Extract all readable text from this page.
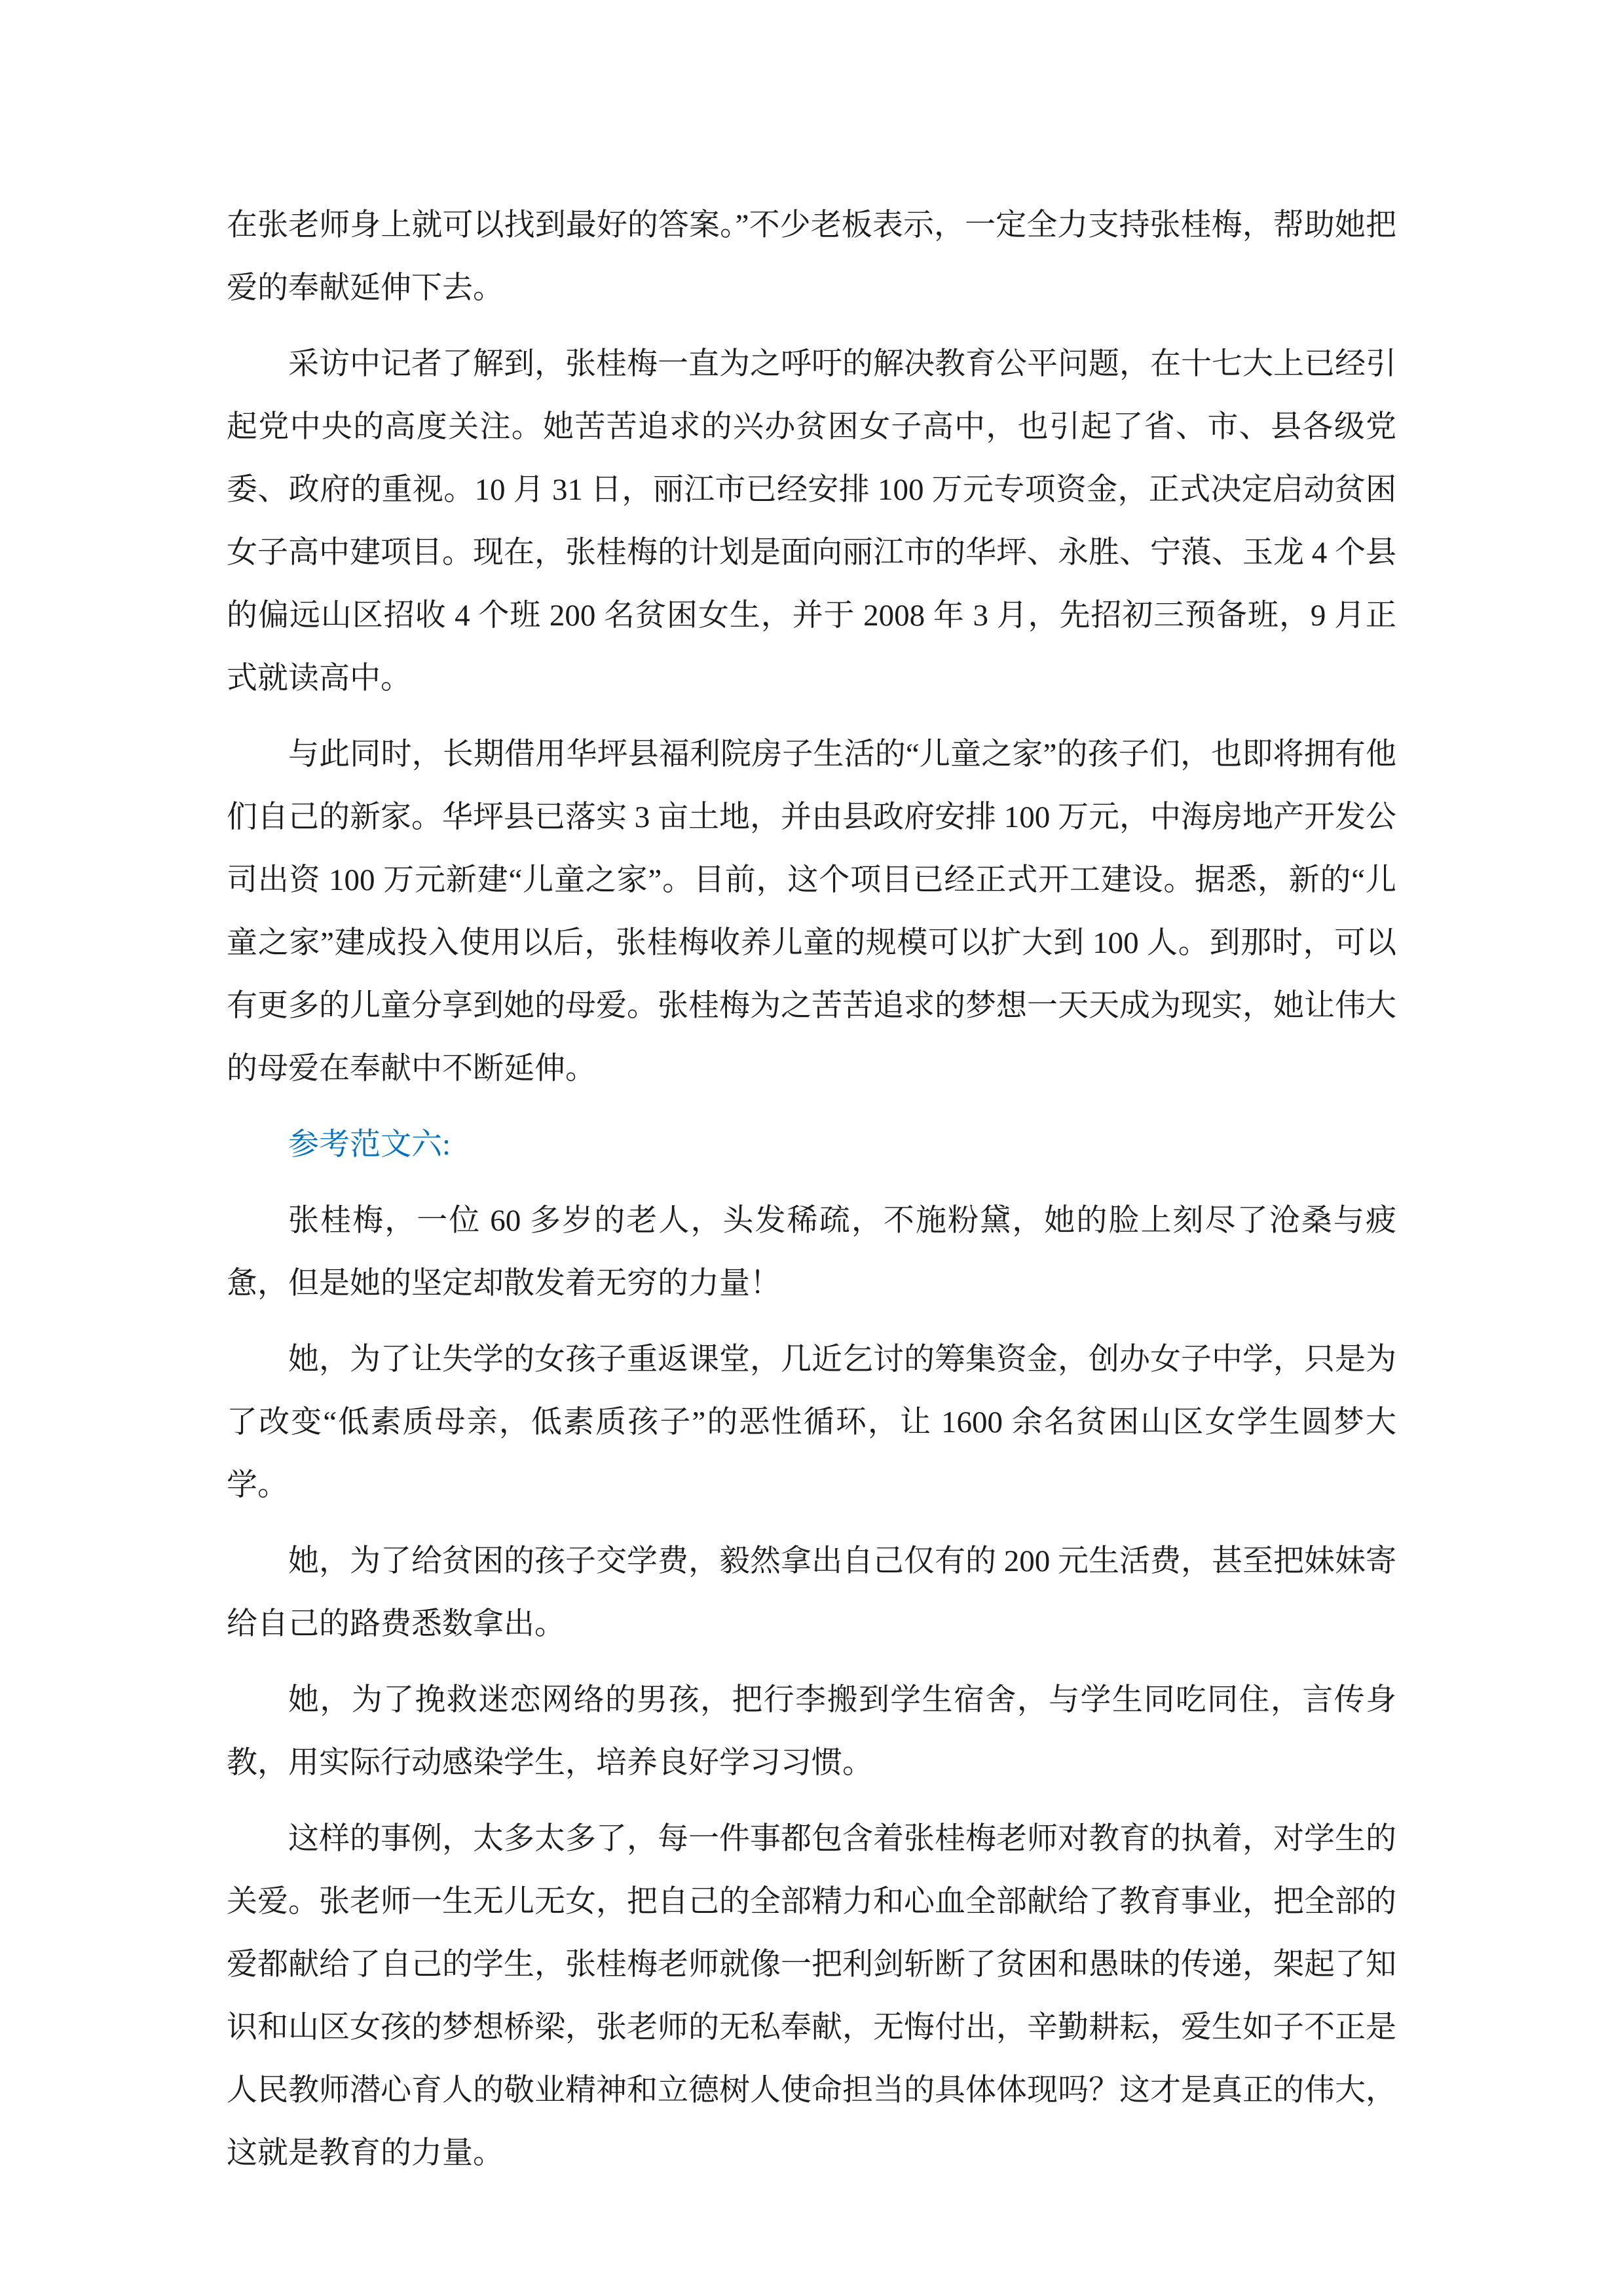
在张老师身上就可以找到最好的答案。”不少老板表示，一定全力支持张桂梅，帮助她把爱的奉献延伸下去。

采访中记者了解到，张桂梅一直为之呼吁的解决教育公平问题，在十七大上已经引起党中央的高度关注。她苦苦追求的兴办贫困女子高中，也引起了省、市、县各级党委、政府的重视。10 月 31 日，丽江市已经安排 100 万元专项资金，正式决定启动贫困女子高中建项目。现在，张桂梅的计划是面向丽江市的华坪、永胜、宁蒗、玉龙 4 个县的偏远山区招收 4 个班 200 名贫困女生，并于 2008 年 3 月，先招初三预备班，9 月正式就读高中。

与此同时，长期借用华坪县福利院房子生活的“儿童之家”的孩子们，也即将拥有他们自己的新家。华坪县已落实 3 亩土地，并由县政府安排 100 万元，中海房地产开发公司出资 100 万元新建“儿童之家”。目前，这个项目已经正式开工建设。据悉，新的“儿童之家”建成投入使用以后，张桂梅收养儿童的规模可以扩大到 100 人。到那时，可以有更多的儿童分享到她的母爱。张桂梅为之苦苦追求的梦想一天天成为现实，她让伟大的母爱在奉献中不断延伸。

参考范文六:

张桂梅，一位 60 多岁的老人，头发稀疏，不施粉黛，她的脸上刻尽了沧桑与疲惫，但是她的坚定却散发着无穷的力量！

她，为了让失学的女孩子重返课堂，几近乞讨的筹集资金，创办女子中学，只是为了改变“低素质母亲，低素质孩子”的恶性循环，让 1600 余名贫困山区女学生圆梦大学。

她，为了给贫困的孩子交学费，毅然拿出自己仅有的 200 元生活费，甚至把妹妹寄给自己的路费悉数拿出。

她，为了挽救迷恋网络的男孩，把行李搬到学生宿舍，与学生同吃同住，言传身教，用实际行动感染学生，培养良好学习习惯。

这样的事例，太多太多了，每一件事都包含着张桂梅老师对教育的执着，对学生的关爱。张老师一生无儿无女，把自己的全部精力和心血全部献给了教育事业，把全部的爱都献给了自己的学生，张桂梅老师就像一把利剑斩断了贫困和愚昧的传递，架起了知识和山区女孩的梦想桥梁，张老师的无私奉献，无悔付出，辛勤耕耘，爱生如子不正是人民教师潜心育人的敬业精神和立德树人使命担当的具体体现吗？这才是真正的伟大，这就是教育的力量。
